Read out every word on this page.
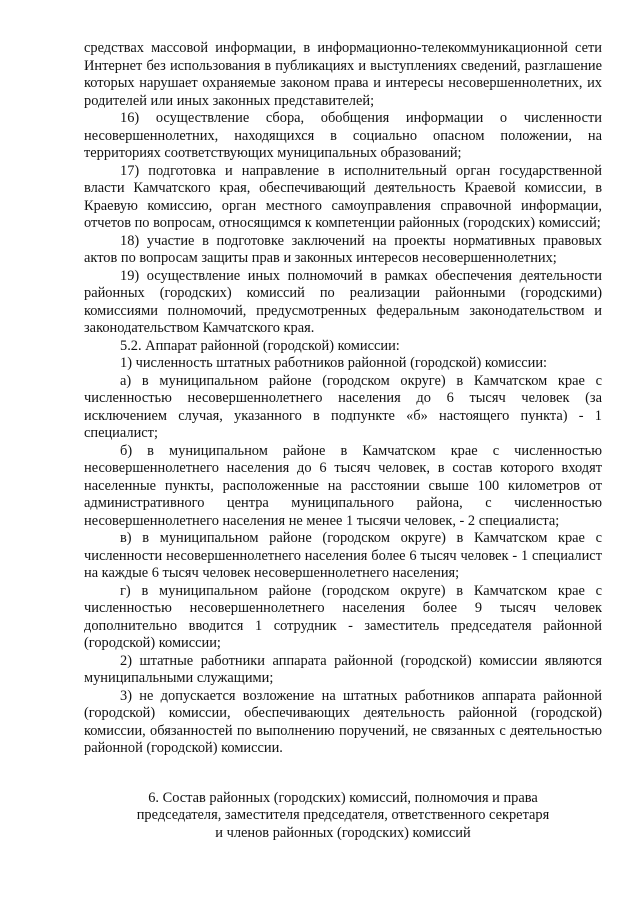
средствах массовой информации, в информационно-телекоммуникационной сети Интернет без использования в публикациях и выступлениях сведений, разглашение которых нарушает охраняемые законом права и интересы несовершеннолетних, их родителей или иных законных представителей;

16) осуществление сбора, обобщения информации о численности несовершеннолетних, находящихся в социально опасном положении, на территориях соответствующих муниципальных образований;

17) подготовка и направление в исполнительный орган государственной власти Камчатского края, обеспечивающий деятельность Краевой комиссии, в Краевую комиссию, орган местного самоуправления справочной информации, отчетов по вопросам, относящимся к компетенции районных (городских) комиссий;

18) участие в подготовке заключений на проекты нормативных правовых актов по вопросам защиты прав и законных интересов несовершеннолетних;

19) осуществление иных полномочий в рамках обеспечения деятельности районных (городских) комиссий по реализации районными (городскими) комиссиями полномочий, предусмотренных федеральным законодательством и законодательством Камчатского края.

5.2. Аппарат районной (городской) комиссии:

1) численность штатных работников районной (городской) комиссии:

а) в муниципальном районе (городском округе) в Камчатском крае с численностью несовершеннолетнего населения до 6 тысяч человек (за исключением случая, указанного в подпункте «б» настоящего пункта) - 1 специалист;

б) в муниципальном районе в Камчатском крае с численностью несовершеннолетнего населения до 6 тысяч человек, в состав которого входят населенные пункты, расположенные на расстоянии свыше 100 километров от административного центра муниципального района, с численностью несовершеннолетнего населения не менее 1 тысячи человек, - 2 специалиста;

в) в муниципальном районе (городском округе) в Камчатском крае с численности несовершеннолетнего населения более 6 тысяч человек - 1 специалист на каждые 6 тысяч человек несовершеннолетнего населения;

г) в муниципальном районе (городском округе) в Камчатском крае с численностью несовершеннолетнего населения более 9 тысяч человек дополнительно вводится 1 сотрудник - заместитель председателя районной (городской) комиссии;

2) штатные работники аппарата районной (городской) комиссии являются муниципальными служащими;

3) не допускается возложение на штатных работников аппарата районной (городской) комиссии, обеспечивающих деятельность районной (городской) комиссии, обязанностей по выполнению поручений, не связанных с деятельностью районной (городской) комиссии.

6. Состав районных (городских) комиссий, полномочия и права
председателя, заместителя председателя, ответственного секретаря
и членов районных (городских) комиссий
